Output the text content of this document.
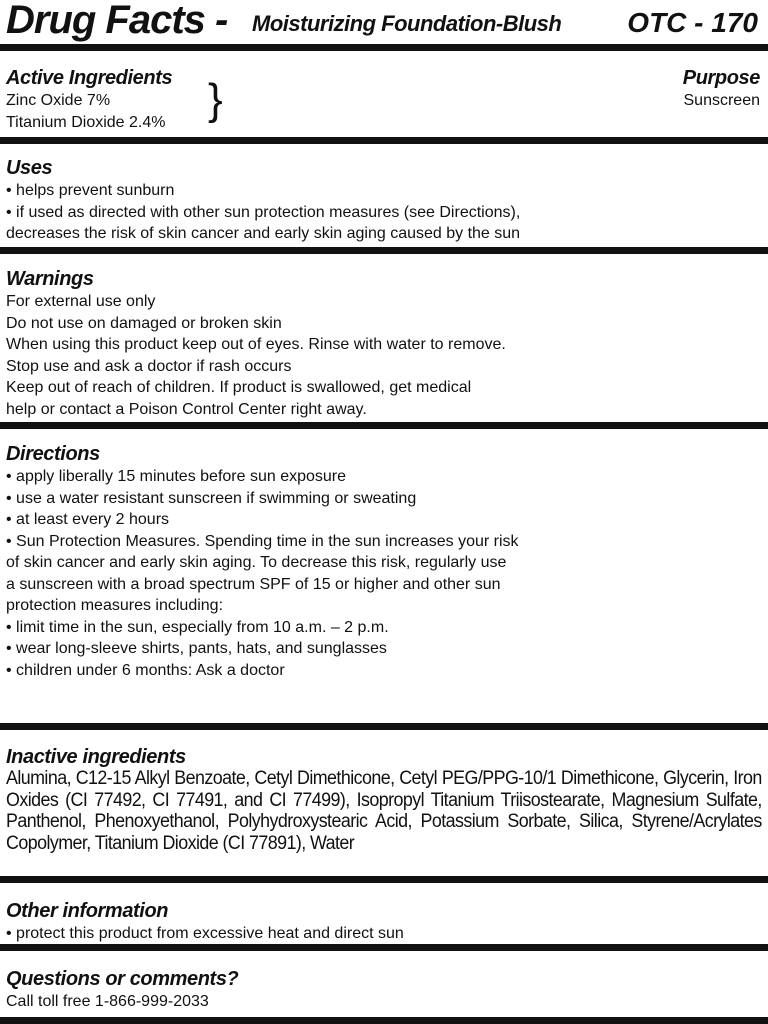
Drug Facts - Moisturizing Foundation-Blush OTC - 170
Active Ingredients
Zinc Oxide 7%
Titanium Dioxide 2.4% }	Purpose
Sunscreen
Uses
• helps prevent sunburn
• if used as directed with other sun protection measures (see Directions),
decreases the risk of skin cancer and early skin aging caused by the sun
Warnings
For external use only
Do not use on damaged or broken skin
When using this product keep out of eyes. Rinse with water to remove.
Stop use and ask a doctor if rash occurs
Keep out of reach of children. If product is swallowed, get medical
help or contact a Poison Control Center right away.
Directions
• apply liberally 15 minutes before sun exposure
• use a water resistant sunscreen if swimming or sweating
• at least every 2 hours
• Sun Protection Measures. Spending time in the sun increases your risk
of skin cancer and early skin aging. To decrease this risk, regularly use
a sunscreen with a broad spectrum SPF of 15 or higher and other sun
protection measures including:
• limit time in the sun, especially from 10 a.m. – 2 p.m.
• wear long-sleeve shirts, pants, hats, and sunglasses
• children under 6 months: Ask a doctor
Inactive ingredients
Alumina, C12-15 Alkyl Benzoate, Cetyl Dimethicone, Cetyl PEG/PPG-10/1 Dimethicone, Glycerin, Iron Oxides (CI 77492, CI 77491, and CI 77499), Isopropyl Titanium Triisostearate, Magnesium Sulfate, Panthenol, Phenoxyethanol, Polyhydroxystearic Acid, Potassium Sorbate, Silica, Styrene/Acrylates Copolymer, Titanium Dioxide (CI 77891), Water
Other information
• protect this product from excessive heat and direct sun
Questions or comments?
Call toll free 1-866-999-2033
